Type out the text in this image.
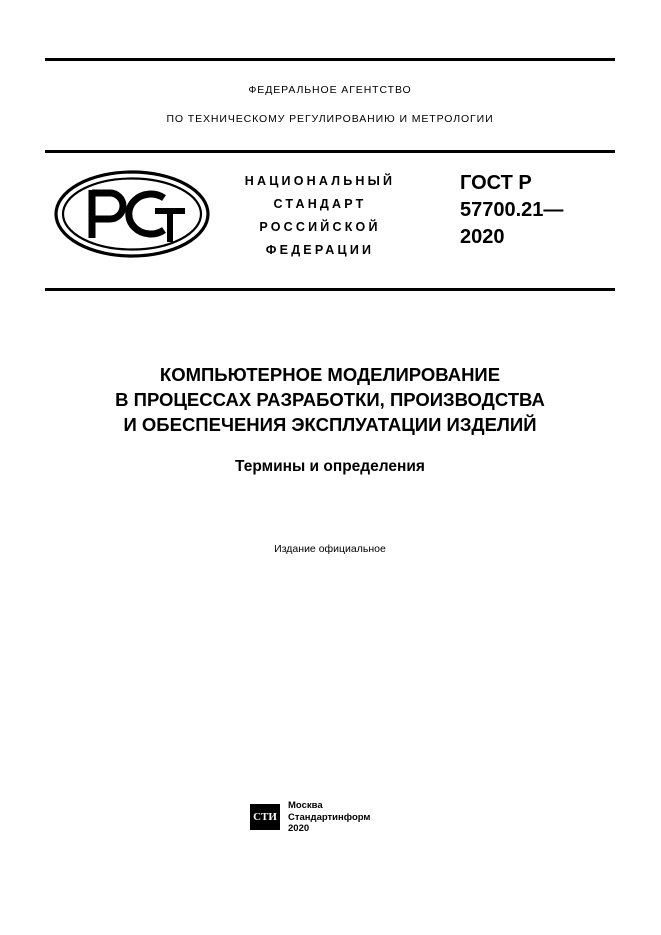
ФЕДЕРАЛЬНОЕ АГЕНТСТВО
ПО ТЕХНИЧЕСКОМУ РЕГУЛИРОВАНИЮ И МЕТРОЛОГИИ
НАЦИОНАЛЬНЫЙ
СТАНДАРТ
РОССИЙСКОЙ
ФЕДЕРАЦИИ
ГОСТ Р
57700.21—
2020
КОМПЬЮТЕРНОЕ МОДЕЛИРОВАНИЕ
В ПРОЦЕССАХ РАЗРАБОТКИ, ПРОИЗВОДСТВА
И ОБЕСПЕЧЕНИЯ ЭКСПЛУАТАЦИИ ИЗДЕЛИЙ
Термины и определения
Издание официальное
СТИ
Москва
Стандартинформ
2020
